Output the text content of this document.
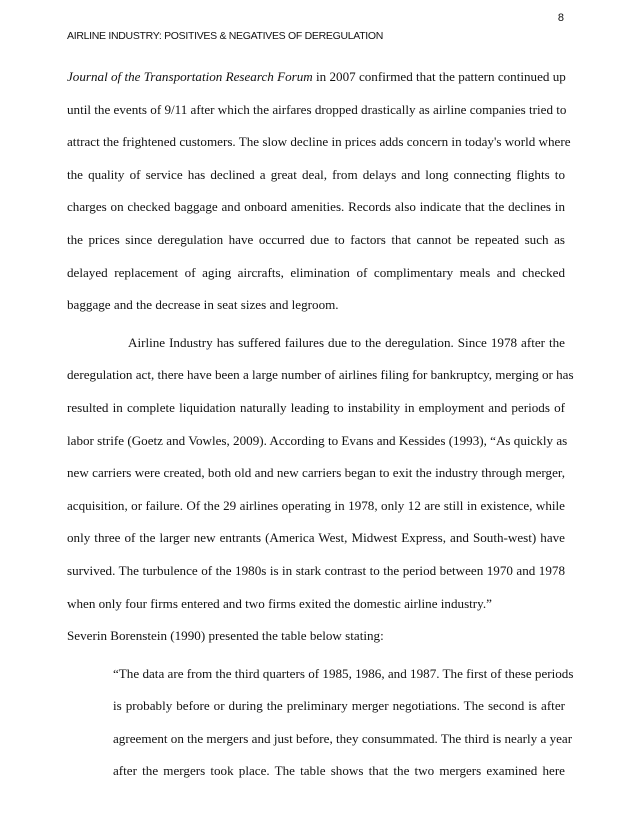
8
AIRLINE INDUSTRY: POSITIVES & NEGATIVES OF DEREGULATION
Journal of the Transportation Research Forum in 2007 confirmed that the pattern continued up
until the events of 9/11 after which the airfares dropped drastically as airline companies tried to
attract the frightened customers. The slow decline in prices adds concern in today's world where
the quality of service has declined a great deal, from delays and long connecting flights to
charges on checked baggage and onboard amenities. Records also indicate that the declines in
the prices since deregulation have occurred due to factors that cannot be repeated such as
delayed replacement of aging aircrafts, elimination of complimentary meals and checked
baggage and the decrease in seat sizes and legroom.
Airline Industry has suffered failures due to the deregulation. Since 1978 after the
deregulation act, there have been a large number of airlines filing for bankruptcy, merging or has
resulted in complete liquidation naturally leading to instability in employment and periods of
labor strife (Goetz and Vowles, 2009). According to Evans and Kessides (1993), “As quickly as
new carriers were created, both old and new carriers began to exit the industry through merger,
acquisition, or failure. Of the 29 airlines operating in 1978, only 12 are still in existence, while
only three of the larger new entrants (America West, Midwest Express, and South-west) have
survived. The turbulence of the 1980s is in stark contrast to the period between 1970 and 1978
when only four firms entered and two firms exited the domestic airline industry.”
Severin Borenstein (1990) presented the table below stating:
“The data are from the third quarters of 1985, 1986, and 1987. The first of these periods
is probably before or during the preliminary merger negotiations. The second is after
agreement on the mergers and just before, they consummated. The third is nearly a year
after the mergers took place. The table shows that the two mergers examined here
